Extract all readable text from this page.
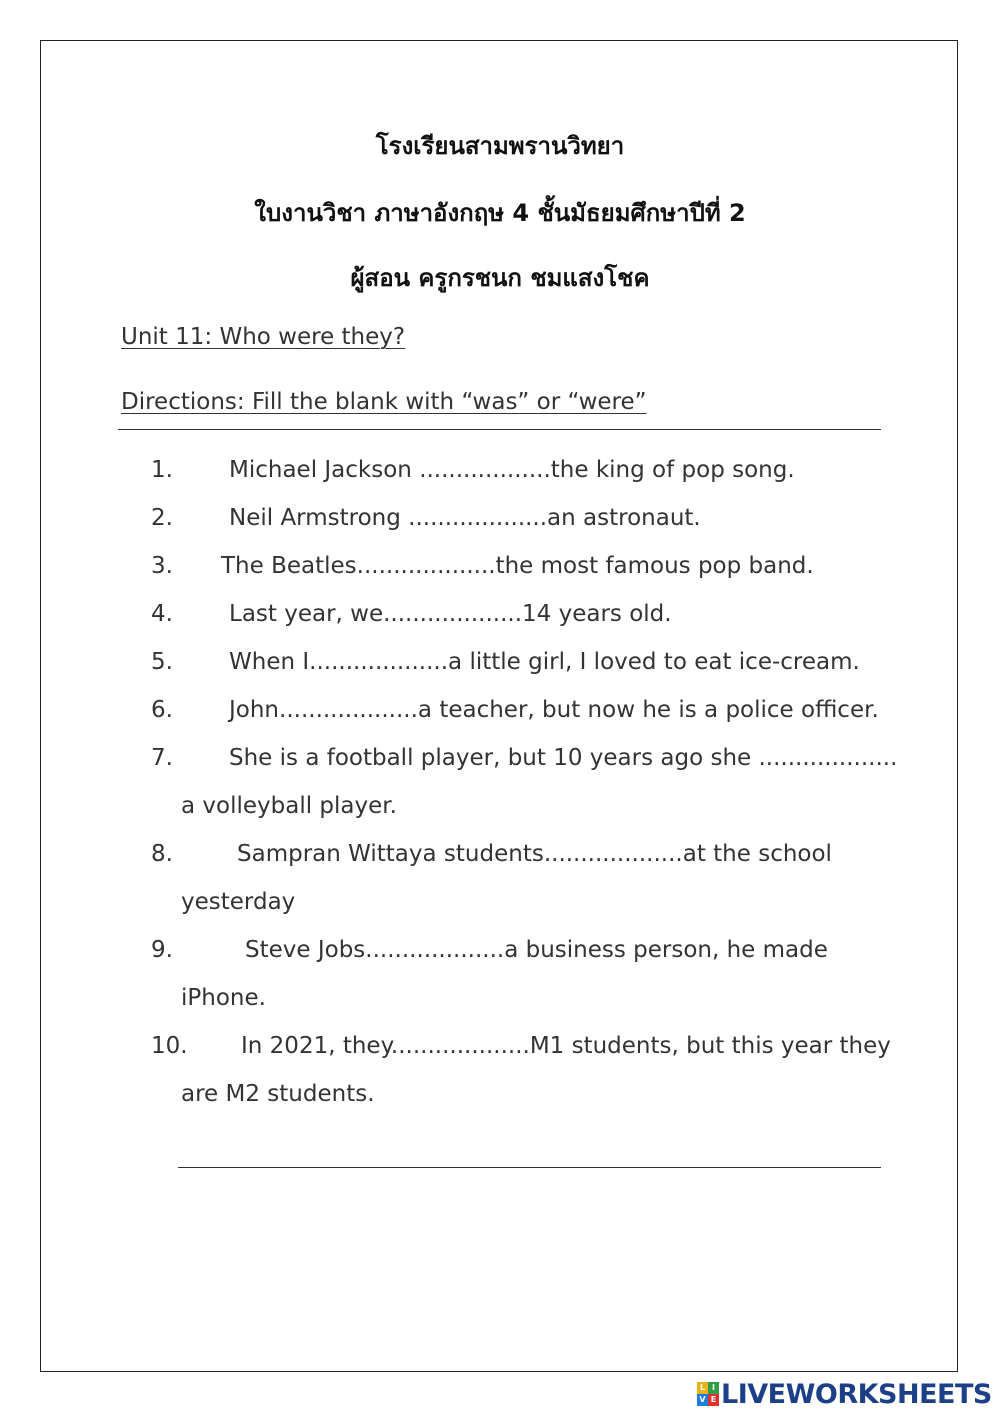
โรงเรียนสามพรานวิทยา
ใบงานวิชา ภาษาอังกฤษ 4 ชั้นมัธยมศึกษาปีที่ 2
ผู้สอน ครูกรชนก ชมแสงโชค
Unit 11: Who were they?
Directions: Fill the blank with “was” or “were”
1. Michael Jackson ..................the king of pop song.
2. Neil Armstrong ...................an astronaut.
3. The Beatles...................the most famous pop band.
4. Last year, we...................14 years old.
5. When I...................a little girl, I loved to eat ice-cream.
6. John...................a teacher, but now he is a police officer.
7. She is a football player, but 10 years ago she ...................
a volleyball player.
8.	Sampran Wittaya students...................at the school
yesterday
9.	Steve Jobs...................a business person, he made
iPhone.
10. In 2021, they...................M1 students, but this year they
are M2 students.
L I
V E LIVEWORKSHEETS
